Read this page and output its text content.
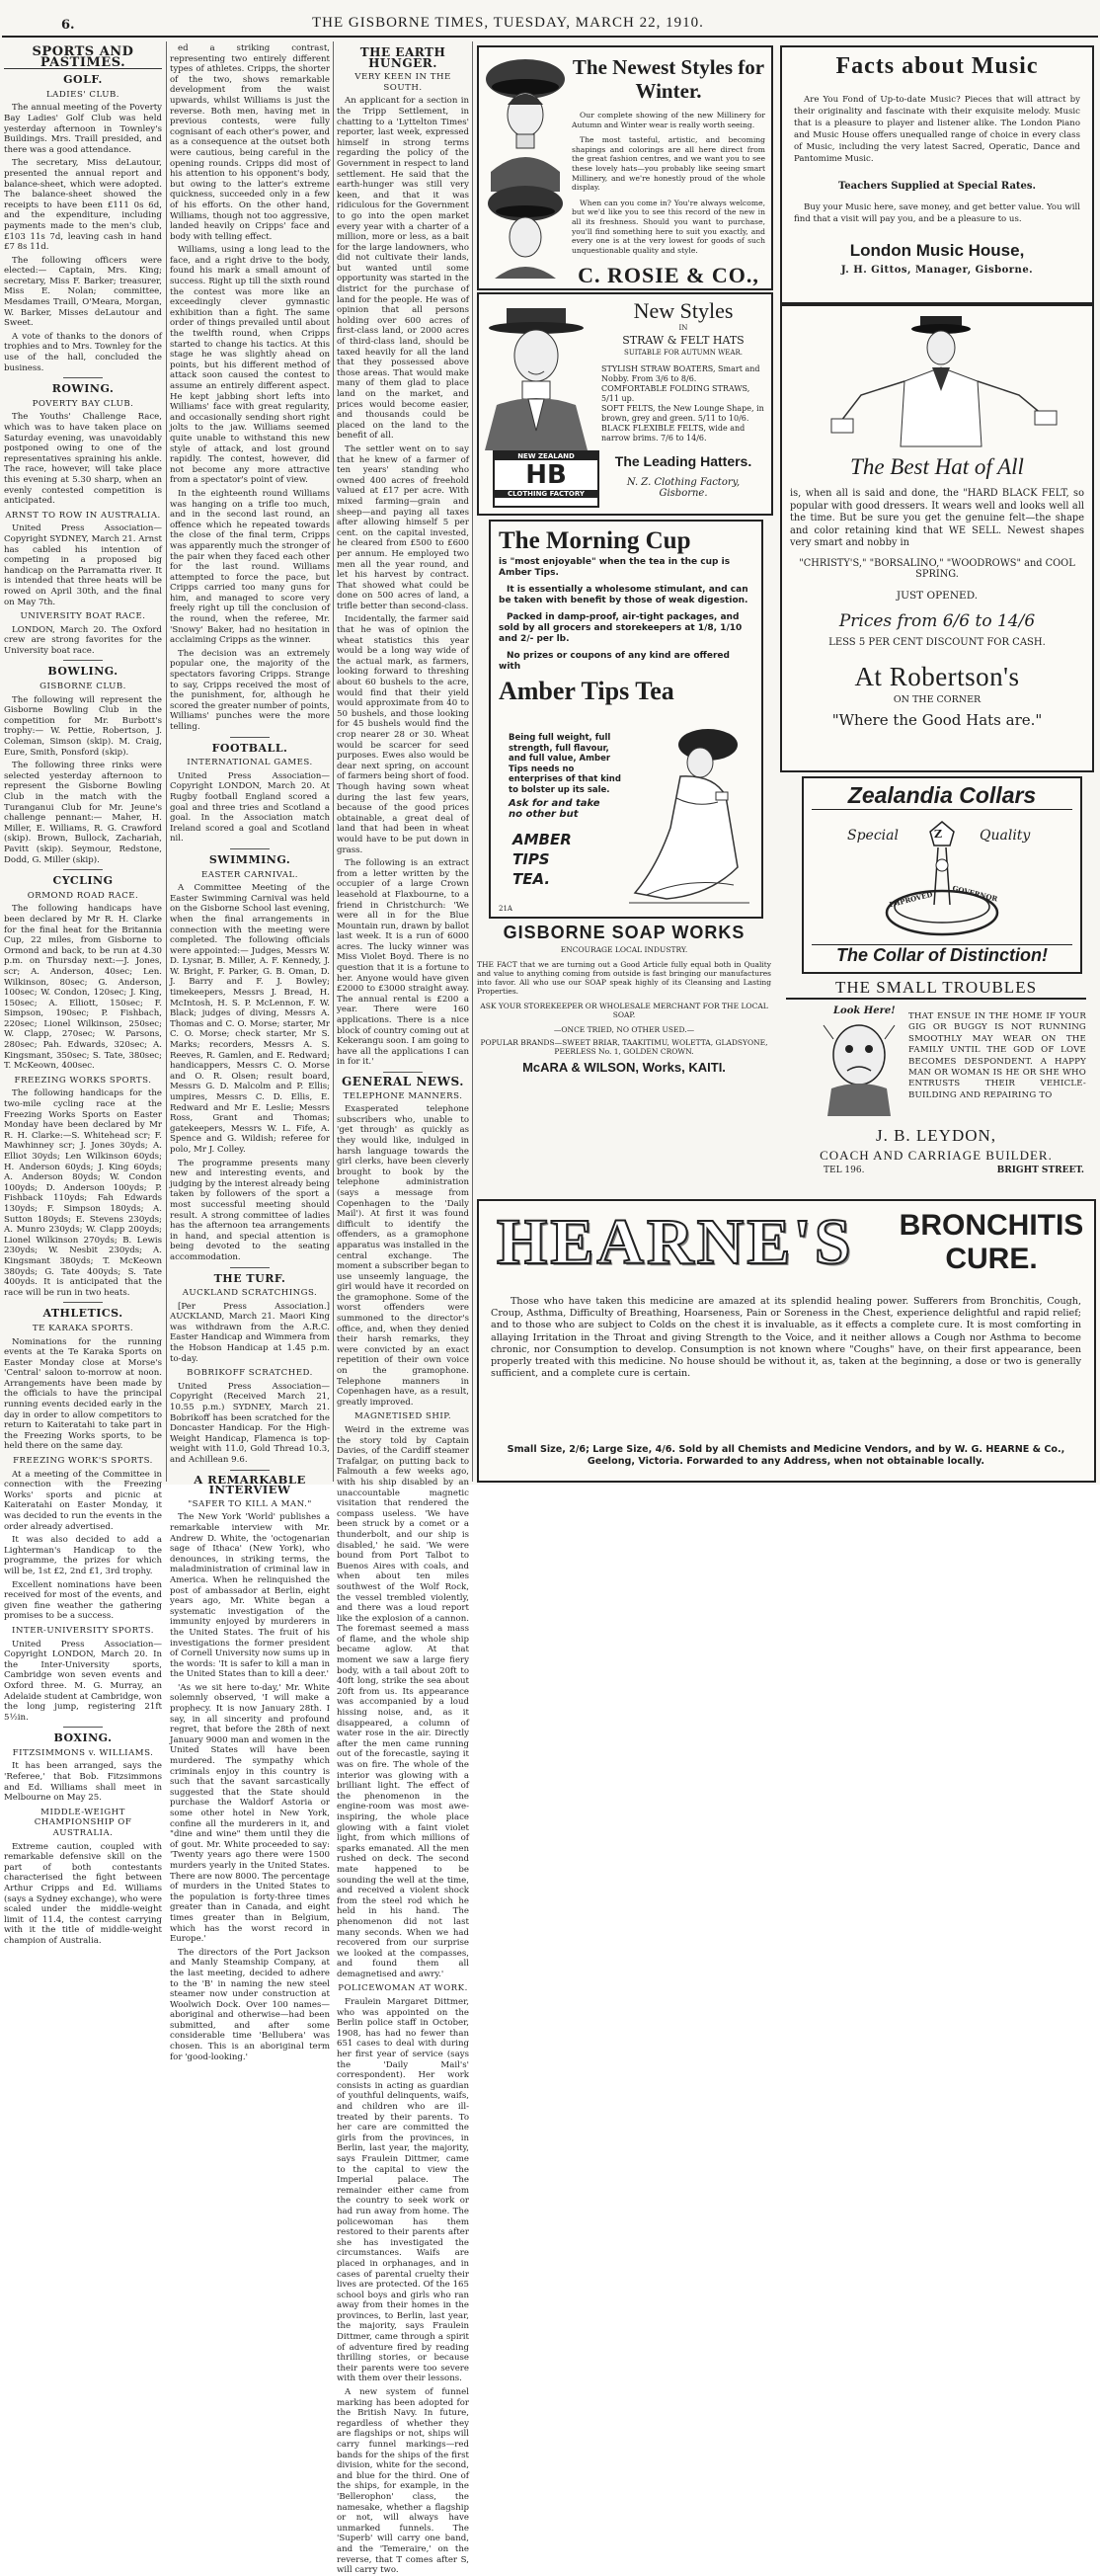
6.	THE GISBORNE TIMES, TUESDAY, MARCH 22, 1910.
SPORTS AND PASTIMES.
GOLF.
LADIES' CLUB.

The annual meeting of the Poverty Bay Ladies' Golf Club was held yesterday afternoon in Townley's Buildings. Mrs. Traill presided, and there was a good attendance.

The secretary, Miss deLautour, presented the annual report and balance-sheet, which were adopted. The balance-sheet showed the receipts to have been £111 0s 6d, and the expenditure, including payments made to the men's club, £103 11s 7d, leaving cash in hand £7 8s 11d.

The following officers were elected:— Captain, Mrs. King; secretary, Miss F. Barker; treasurer, Miss E. Nolan; committee, Mesdames Traill, O'Meara, Morgan, W. Barker, Misses deLautour and Sweet.

A vote of thanks to the donors of trophies and to Mrs. Townley for the use of the hall, concluded the business.

ROWING.
POVERTY BAY CLUB.

The Youths' Challenge Race, which was to have taken place on Saturday evening, was unavoidably postponed owing to one of the representatives spraining his ankle. The race, however, will take place this evening at 5.30 sharp, when an evenly contested competition is anticipated.

ARNST TO ROW IN AUSTRALIA.

United Press Association—Copyright SYDNEY, March 21. Arnst has cabled his intention of competing in a proposed big handicap on the Parramatta river. It is intended that three heats will be rowed on April 30th, and the final on May 7th.

UNIVERSITY BOAT RACE.

LONDON, March 20. The Oxford crew are strong favorites for the University boat race.

BOWLING.
GISBORNE CLUB.

The following will represent the Gisborne Bowling Club in the competition for Mr. Burbott's trophy:— W. Pettie, Robertson, J. Coleman, Simson (skip). M. Craig, Eure, Smith, Ponsford (skip).

The following three rinks were selected yesterday afternoon to represent the Gisborne Bowling Club in the match with the Turanganui Club for Mr. Jeune's challenge pennant:— Maher, H. Miller, E. Williams, R. G. Crawford (skip). Brown, Bullock, Zachariah, Pavitt (skip). Seymour, Redstone, Dodd, G. Miller (skip).

CYCLING
ORMOND ROAD RACE.

The following handicaps have been declared by Mr R. H. Clarke for the final heat for the Britannia Cup, 22 miles, from Gisborne to Ormond and back, to be run at 4.30 p.m. on Thursday next:—J. Jones, scr; A. Anderson, 40sec; Len. Wilkinson, 80sec; G. Anderson, 100sec; W. Condon, 120sec; J. King, 150sec; A. Elliott, 150sec; F. Simpson, 190sec; P. Fishbach, 220sec; Lionel Wilkinson, 250sec; W. Clapp, 270sec; W. Parsons, 280sec; Pah. Edwards, 320sec; A. Kingsmant, 350sec; S. Tate, 380sec; T. McKeown, 400sec.

FREEZING WORKS SPORTS.

The following handicaps for the two-mile cycling race at the Freezing Works Sports on Easter Monday have been declared by Mr R. H. Clarke:—S. Whitehead scr; F. Mawhinney scr; J. Jones 30yds; A. Elliot 30yds; Len Wilkinson 60yds; H. Anderson 60yds; J. King 60yds; A. Anderson 80yds; W. Condon 100yds; D. Anderson 100yds; P. Fishback 110yds; Fah Edwards 130yds; F. Simpson 180yds; A. Sutton 180yds; E. Stevens 230yds; A. Munro 230yds; W. Clapp 200yds; Lionel Wilkinson 270yds; B. Lewis 230yds; W. Nesbit 230yds; A. Kingsmant 380yds; T. McKeown 380yds; G. Tate 400yds; S. Tate 400yds. It is anticipated that the race will be run in two heats.

ATHLETICS.
TE KARAKA SPORTS.

Nominations for the running events at the Te Karaka Sports on Easter Monday close at Morse's 'Central' saloon to-morrow at noon. Arrangements have been made by the officials to have the principal running events decided early in the day in order to allow competitors to return to Kaiteratahi to take part in the Freezing Works sports, to be held there on the same day.

FREEZING WORK'S SPORTS.

At a meeting of the Committee in connection with the Freezing Works' sports and picnic at Kaiteratahi on Easter Monday, it was decided to run the events in the order already advertised.

It was also decided to add a Lighterman's Handicap to the programme, the prizes for which will be, 1st £2, 2nd £1, 3rd trophy.

Excellent nominations have been received for most of the events, and given fine weather the gathering promises to be a success.

INTER-UNIVERSITY SPORTS.

United Press Association—Copyright LONDON, March 20. In the Inter-University sports, Cambridge won seven events and Oxford three. M. G. Murray, an Adelaide student at Cambridge, won the long jump, registering 21ft 5½in.

BOXING.
FITZSIMMONS v. WILLIAMS.

It has been arranged, says the 'Referee,' that Bob. Fitzsimmons and Ed. Williams shall meet in Melbourne on May 25.

MIDDLE-WEIGHT CHAMPIONSHIP OF AUSTRALIA.

Extreme caution, coupled with remarkable defensive skill on the part of both contestants characterised the fight between Arthur Cripps and Ed. Williams (says a Sydney exchange), who were scaled under the middle-weight limit of 11.4, the contest carrying with it the title of middle-weight champion of Australia.

ed a striking contrast, representing two entirely different types of athletes. Cripps, the shorter of the two, shows remarkable development from the waist upwards, whilst Williams is just the reverse. Both men, having met in previous contests, were fully cognisant of each other's power, and as a consequence at the outset both were cautious, being careful in the opening rounds. Cripps did most of his attention to his opponent's body, but owing to the latter's extreme quickness, succeeded only in a few of his efforts. On the other hand, Williams, though not too aggressive, landed heavily on Cripps' face and body with telling effect.

Williams, using a long lead to the face, and a right drive to the body, found his mark a small amount of success. Right up till the sixth round the contest was more like an exceedingly clever gymnastic exhibition than a fight. The same order of things prevailed until about the twelfth round, when Cripps started to change his tactics. At this stage he was slightly ahead on points, but his different method of attack soon caused the contest to assume an entirely different aspect. He kept jabbing short lefts into Williams' face with great regularity, and occasionally sending short right jolts to the jaw. Williams seemed quite unable to withstand this new style of attack, and lost ground rapidly. The contest, however, did not become any more attractive from a spectator's point of view.

In the eighteenth round Williams was hanging on a trifle too much, and in the second last round, an offence which he repeated towards the close of the final term, Cripps was apparently much the stronger of the pair when they faced each other for the last round. Williams attempted to force the pace, but Cripps carried too many guns for him, and managed to score very freely right up till the conclusion of the round, when the referee, Mr. 'Snowy' Baker, had no hesitation in acclaiming Cripps as the winner.

The decision was an extremely popular one, the majority of the spectators favoring Cripps. Strange to say, Cripps received the most of the punishment, for, although he scored the greater number of points, Williams' punches were the more telling.

FOOTBALL.
INTERNATIONAL GAMES.

United Press Association—Copyright LONDON, March 20. At Rugby football England scored a goal and three tries and Scotland a goal. In the Association match Ireland scored a goal and Scotland nil.

SWIMMING.
EASTER CARNIVAL.

A Committee Meeting of the Easter Swimming Carnival was held on the Gisborne School last evening, when the final arrangements in connection with the meeting were completed. The following officials were appointed:— Judges, Messrs W. D. Lysnar, B. Miller, A. F. Kennedy, J. W. Bright, F. Parker, G. B. Oman, D. J. Barry and F. J. Bowley; timekeepers, Messrs J. Bread, H. McIntosh, H. S. P. McLennon, F. W. Black; judges of diving, Messrs A. Thomas and C. O. Morse; starter, Mr C. O. Morse; check starter, Mr S. Marks; recorders, Messrs A. S. Reeves, R. Gamlen, and E. Redward; handicappers, Messrs C. O. Morse and O. R. Olsen; result board, Messrs G. D. Malcolm and P. Ellis; umpires, Messrs C. D. Ellis, E. Redward and Mr E. Leslie; Messrs Ross, Grant and Thomas; gatekeepers, Messrs W. L. Fife, A. Spence and G. Wildish; referee for polo, Mr J. Colley.

The programme presents many new and interesting events, and judging by the interest already being taken by followers of the sport a most successful meeting should result. A strong committee of ladies has the afternoon tea arrangements in hand, and special attention is being devoted to the seating accommodation.

THE TURF.
AUCKLAND SCRATCHINGS.

[Per Press Association.] AUCKLAND, March 21. Maori King was withdrawn from the A.R.C. Easter Handicap and Wimmera from the Hobson Handicap at 1.45 p.m. to-day.

BOBRIKOFF SCRATCHED.

United Press Association—Copyright (Received March 21, 10.55 p.m.) SYDNEY, March 21. Bobrikoff has been scratched for the Doncaster Handicap. For the High-Weight Handicap, Flamenca is top-weight with 11.0, Gold Thread 10.3, and Achillean 9.6.

A REMARKABLE INTERVIEW
"SAFER TO KILL A MAN."

The New York 'World' publishes a remarkable interview with Mr. Andrew D. White, the 'octogenarian sage of Ithaca' (New York), who denounces, in striking terms, the maladministration of criminal law in America. When he relinquished the post of ambassador at Berlin, eight years ago, Mr. White began a systematic investigation of the immunity enjoyed by murderers in the United States. The fruit of his investigations the former president of Cornell University now sums up in the words: 'It is safer to kill a man in the United States than to kill a deer.'

'As we sit here to-day,' Mr. White solemnly observed, 'I will make a prophecy. It is now January 28th. I say, in all sincerity and profound regret, that before the 28th of next January 9000 man and women in the United States will have been murdered. The sympathy which criminals enjoy in this country is such that the savant sarcastically suggested that the State should purchase the Waldorf Astoria or some other hotel in New York, confine all the murderers in it, and "dine and wine" them until they die of gout. Mr. White proceeded to say: 'Twenty years ago there were 1500 murders yearly in the United States. There are now 8000. The percentage of murders in the United States to the population is forty-three times greater than in Canada, and eight times greater than in Belgium, which has the worst record in Europe.'

The directors of the Port Jackson and Manly Steamship Company, at the last meeting, decided to adhere to the 'B' in naming the new steel steamer now under construction at Woolwich Dock. Over 100 names—aboriginal and otherwise—had been submitted, and after some considerable time 'Bellubera' was chosen. This is an aboriginal term for 'good-looking.'

THE EARTH HUNGER.
VERY KEEN IN THE SOUTH.

An applicant for a section in the Tripp Settlement, in chatting to a 'Lyttelton Times' reporter, last week, expressed himself in strong terms regarding the policy of the Government in respect to land settlement. He said that the earth-hunger was still very keen, and that it was ridiculous for the Government to go into the open market every year with a charter of a million, more or less, as a bait for the large landowners, who did not cultivate their lands, but wanted until some opportunity was started in the district for the purchase of land for the people. He was of opinion that all persons holding over 600 acres of first-class land, or 2000 acres of third-class land, should be taxed heavily for all the land that they possessed above those areas. That would make many of them glad to place land on the market, and prices would become easier, and thousands could be placed on the land to the benefit of all.

The settler went on to say that he knew of a farmer of ten years' standing who owned 400 acres of freehold valued at £17 per acre. With mixed farming—grain and sheep—and paying all taxes after allowing himself 5 per cent. on the capital invested, he cleared from £500 to £600 per annum. He employed two men all the year round, and let his harvest by contract. That showed what could be done on 500 acres of land, a trifle better than second-class.

Incidentally, the farmer said that he was of opinion the wheat statistics this year would be a long way wide of the actual mark, as farmers, looking forward to threshing about 60 bushels to the acre, would find that their yield would approximate from 40 to 50 bushels, and those looking for 45 bushels would find the crop nearer 28 or 30. Wheat would be scarcer for seed purposes. Ewes also would be dear next spring, on account of farmers being short of food. Though having sown wheat during the last few years, because of the good prices obtainable, a great deal of land that had been in wheat would have to be put down in grass.

The following is an extract from a letter written by the occupier of a large Crown leasehold at Flaxbourne, to a friend in Christchurch: 'We were all in for the Blue Mountain run, drawn by ballot last week. It is a run of 6000 acres. The lucky winner was Miss Violet Boyd. There is no question that it is a fortune to her. Anyone would have given £2000 to £3000 straight away. The annual rental is £200 a year. There were 160 applications. There is a nice block of country coming out at Kekerangu soon. I am going to have all the applications I can in for it.'

GENERAL NEWS.
TELEPHONE MANNERS.

Exasperated telephone subscribers who, unable to 'get through' as quickly as they would like, indulged in harsh language towards the girl clerks, have been cleverly brought to book by the telephone administration (says a message from Copenhagen to the 'Daily Mail'). At first it was found difficult to identify the offenders, as a gramophone apparatus was installed in the central exchange. The moment a subscriber began to use unseemly language, the girl would have it recorded on the gramophone. Some of the worst offenders were summoned to the director's office, and, when they denied their harsh remarks, they were convicted by an exact repetition of their own voice on the gramophone. Telephone manners in Copenhagen have, as a result, greatly improved.

MAGNETISED SHIP.

Weird in the extreme was the story told by Captain Davies, of the Cardiff steamer Trafalgar, on putting back to Falmouth a few weeks ago, with his ship disabled by an unaccountable magnetic visitation that rendered the compass useless. 'We have been struck by a comet or a thunderbolt, and our ship is disabled,' he said. 'We were bound from Port Talbot to Buenos Aires with coals, and when about ten miles southwest of the Wolf Rock, the vessel trembled violently, and there was a loud report like the explosion of a cannon. The foremast seemed a mass of flame, and the whole ship became aglow. At that moment we saw a large fiery body, with a tail about 20ft to 40ft long, strike the sea about 20ft from us. Its appearance was accompanied by a loud hissing noise, and, as it disappeared, a column of water rose in the air. Directly after the men came running out of the forecastle, saying it was on fire. The whole of the interior was glowing with a brilliant light. The effect of the phenomenon in the engine-room was most awe-inspiring, the whole place glowing with a faint violet light, from which millions of sparks emanated. All the men rushed on deck. The second mate happened to be sounding the well at the time, and received a violent shock from the steel rod which he held in his hand. The phenomenon did not last many seconds. When we had recovered from our surprise we looked at the compasses, and found them all demagnetised and awry.'

POLICEWOMAN AT WORK.

Fraulein Margaret Dittmer, who was appointed on the Berlin police staff in October, 1908, has had no fewer than 651 cases to deal with during her first year of service (says the 'Daily Mail's' correspondent). Her work consists in acting as guardian of youthful delinquents, waifs, and children who are ill-treated by their parents. To her care are committed the girls from the provinces, in Berlin, last year, the majority, says Fraulein Dittmer, came to the capital to view the Imperial palace. The remainder either came from the country to seek work or had run away from home. The policewoman has them restored to their parents after she has investigated the circumstances. Waifs are placed in orphanages, and in cases of parental cruelty their lives are protected. Of the 165 school boys and girls who ran away from their homes in the provinces, to Berlin, last year, the majority, says Fraulein Dittmer, came through a spirit of adventure fired by reading thrilling stories, or because their parents were too severe with them over their lessons.

A new system of funnel marking has been adopted for the British Navy. In future, regardless of whether they are flagships or not, ships will carry funnel markings—red bands for the ships of the first division, white for the second, and blue for the third. One of the ships, for example, in the 'Bellerophon' class, the namesake, whether a flagship or not, will always have unmarked funnels. The 'Superb' will carry one band, and the 'Temeraire,' on the reverse, that T comes after S, will carry two.

The Newest Styles for Winter.
Our complete showing of the new Millinery for Autumn and Winter wear is really worth seeing.
The most tasteful, artistic, and becoming shapings and colorings are all here direct from the great fashion centres, and we want you to see these lovely hats—you probably like seeing smart Millinery, and we're honestly proud of the whole display.
When can you come in? You're always welcome, but we'd like you to see this record of the new in all its freshness. Should you want to purchase, you'll find something here to suit you exactly, and every one is at the very lowest for goods of such unquestionable quality and style.
C. ROSIE & CO.,
NEW ZEALAND
HB
CLOTHING FACTORY
New Styles
IN
STRAW & FELT HATS
SUITABLE FOR AUTUMN WEAR.
STYLISH STRAW BOATERS, Smart and Nobby. From 3/6 to 8/6.
COMFORTABLE FOLDING STRAWS, 5/11 up.
SOFT FELTS, the New Lounge Shape, in brown, grey and green. 5/11 to 10/6.
BLACK FLEXIBLE FELTS, wide and narrow brims. 7/6 to 14/6.
The Leading Hatters.
N. Z. Clothing Factory,
Gisborne.
The Morning Cup
is "most enjoyable" when the tea in the cup is Amber Tips.
It is essentially a wholesome stimulant, and can be taken with benefit by those of weak digestion.
Packed in damp-proof, air-tight packages, and sold by all grocers and storekeepers at 1/8, 1/10 and 2/- per lb.
No prizes or coupons of any kind are offered with
Amber Tips Tea
Being full weight, full strength, full flavour, and full value, Amber Tips needs no enterprises of that kind to bolster up its sale.
Ask for and take no other but
AMBER
TIPS
TEA.
21A
GISBORNE SOAP WORKS
ENCOURAGE LOCAL INDUSTRY.
THE FACT that we are turning out a Good Article fully equal both in Quality and value to anything coming from outside is fast bringing our manufactures into favor. All who use our SOAP speak highly of its Cleansing and Lasting Properties.
ASK YOUR STOREKEEPER OR WHOLESALE MERCHANT FOR THE LOCAL SOAP.
—ONCE TRIED, NO OTHER USED.—
POPULAR BRANDS—SWEET BRIAR, TAAKITIMU, WOLETTA, GLADSYONE, PEERLESS No. 1, GOLDEN CROWN.
McARA & WILSON, Works, KAITI.
Facts about Music
Are You Fond of Up-to-date Music? Pieces that will attract by their originality and fascinate with their exquisite melody. Music that is a pleasure to player and listener alike. The London Piano and Music House offers unequalled range of choice in every class of Music, including the very latest Sacred, Operatic, Dance and Pantomime Music.
Teachers Supplied at Special Rates.
Buy your Music here, save money, and get better value. You will find that a visit will pay you, and be a pleasure to us.
London Music House,
J. H. Gittos, Manager, Gisborne.
The Best Hat of All
is, when all is said and done, the "HARD BLACK FELT, so popular with good dressers. It wears well and looks well all the time. But be sure you get the genuine felt—the shape and color retaining kind that WE SELL. Newest shapes very smart and nobby in
"CHRISTY'S," "BORSALINO," "WOODROWS" and COOL SPRING.
JUST OPENED.
Prices from 6/6 to 14/6
LESS 5 PER CENT DISCOUNT FOR CASH.
At Robertson's
ON THE CORNER
"Where the Good Hats are."
Zealandia Collars
Special	Quality
IMPROVED	GOVERNOR
Z
The Collar of Distinction!
THE SMALL TROUBLES
Look Here! THAT ENSUE IN THE HOME IF YOUR GIG OR BUGGY IS NOT RUNNING SMOOTHLY MAY WEAR ON THE FAMILY UNTIL THE GOD OF LOVE BECOMES DESPONDENT. A HAPPY MAN OR WOMAN IS HE OR SHE WHO ENTRUSTS THEIR VEHICLE-BUILDING AND REPAIRING TO
J. B. LEYDON,
COACH AND CARRIAGE BUILDER.
TEL 196.	BRIGHT STREET.
HEARNE'S BRONCHITIS
CURE.
Those who have taken this medicine are amazed at its splendid healing power. Sufferers from Bronchitis, Cough, Croup, Asthma, Difficulty of Breathing, Hoarseness, Pain or Soreness in the Chest, experience delightful and rapid relief; and to those who are subject to Colds on the chest it is invaluable, as it effects a complete cure. It is most comforting in allaying Irritation in the Throat and giving Strength to the Voice, and it neither allows a Cough nor Asthma to become chronic, nor Consumption to develop. Consumption is not known where "Coughs" have, on their first appearance, been properly treated with this medicine. No house should be without it, as, taken at the beginning, a dose or two is generally sufficient, and a complete cure is certain.
Small Size, 2/6; Large Size, 4/6. Sold by all Chemists and Medicine Vendors, and by W. G. HEARNE & Co., Geelong, Victoria. Forwarded to any Address, when not obtainable locally.
